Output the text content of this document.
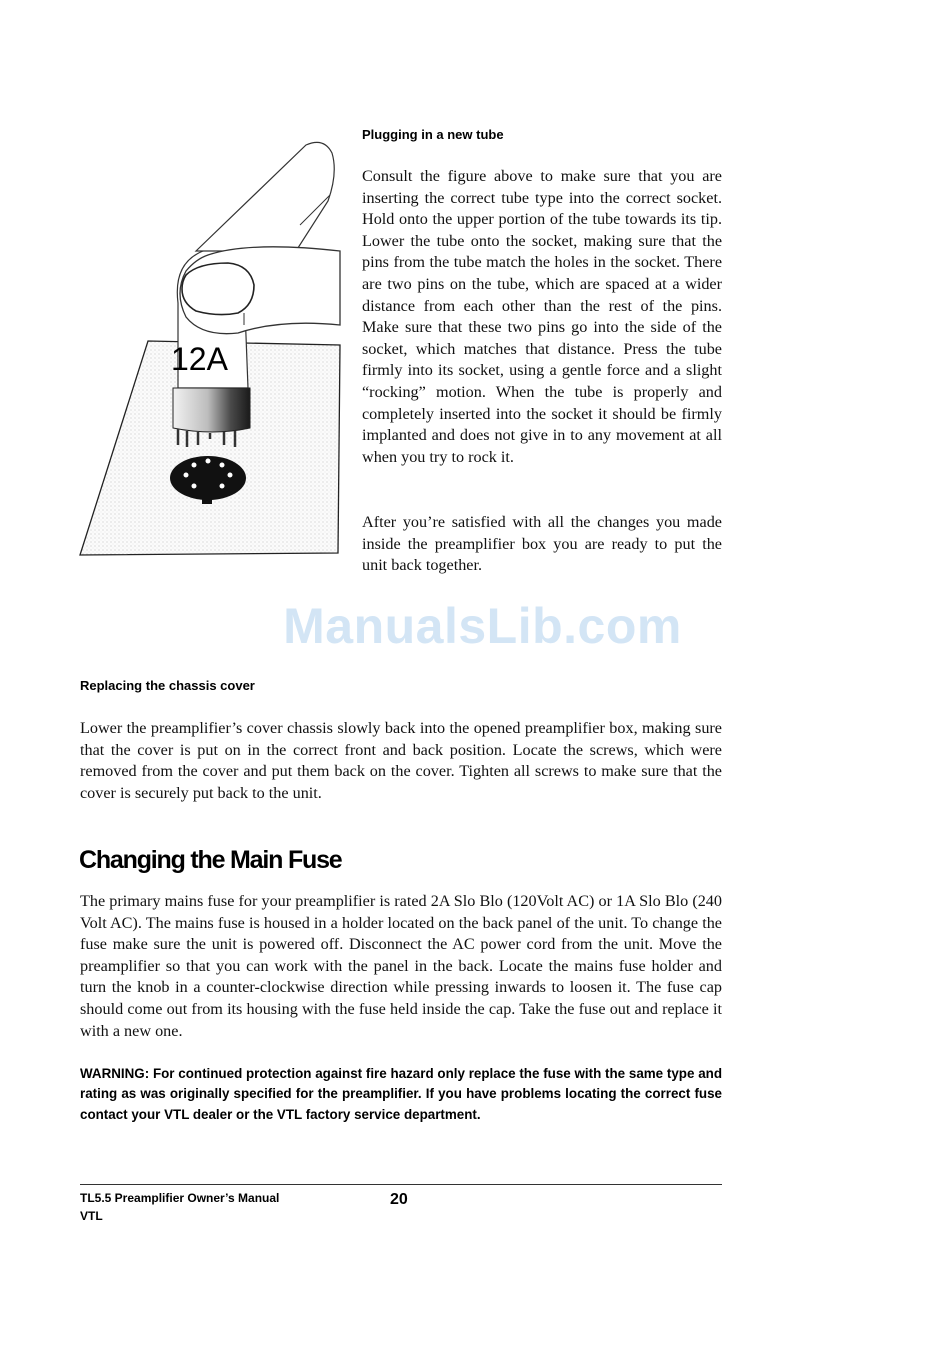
12A
Plugging in a new tube

Consult the figure above to make sure that you are inserting the correct tube type into the correct socket. Hold onto the upper portion of the tube towards its tip. Lower the tube onto the socket, making sure that the pins from the tube match the holes in the socket. There are two pins on the tube, which are spaced at a wider distance from each other than the rest of the pins. Make sure that these two pins go into the side of the socket, which matches that distance. Press the tube firmly into its socket, using a gentle force and a slight “rocking” motion. When the tube is properly and completely inserted into the socket it should be firmly implanted and does not give in to any movement at all when you try to rock it.

After you’re satisfied with all the changes you made inside the preamplifier box you are ready to put the unit back together.

ManualsLib.com
Replacing the chassis cover

Lower the preamplifier’s cover chassis slowly back into the opened preamplifier box, making sure that the cover is put on in the correct front and back position. Locate the screws, which were removed from the cover and put them back on the cover. Tighten all screws to make sure that the cover is securely put back to the unit.

Changing the Main Fuse

The primary mains fuse for your preamplifier is rated 2A Slo Blo (120Volt AC) or 1A Slo Blo (240 Volt AC). The mains fuse is housed in a holder located on the back panel of the unit. To change the fuse make sure the unit is powered off. Disconnect the AC power cord from the unit. Move the preamplifier so that you can work with the panel in the back. Locate the mains fuse holder and turn the knob in a counter-clockwise direction while pressing inwards to loosen it. The fuse cap should come out from its housing with the fuse held inside the cap. Take the fuse out and replace it with a new one.

WARNING: For continued protection against fire hazard only replace the fuse with the same type and rating as was originally specified for the preamplifier. If you have problems locating the correct fuse contact your VTL dealer or the VTL factory service department.

TL5.5 Preamplifier Owner’s Manual
VTL
20
